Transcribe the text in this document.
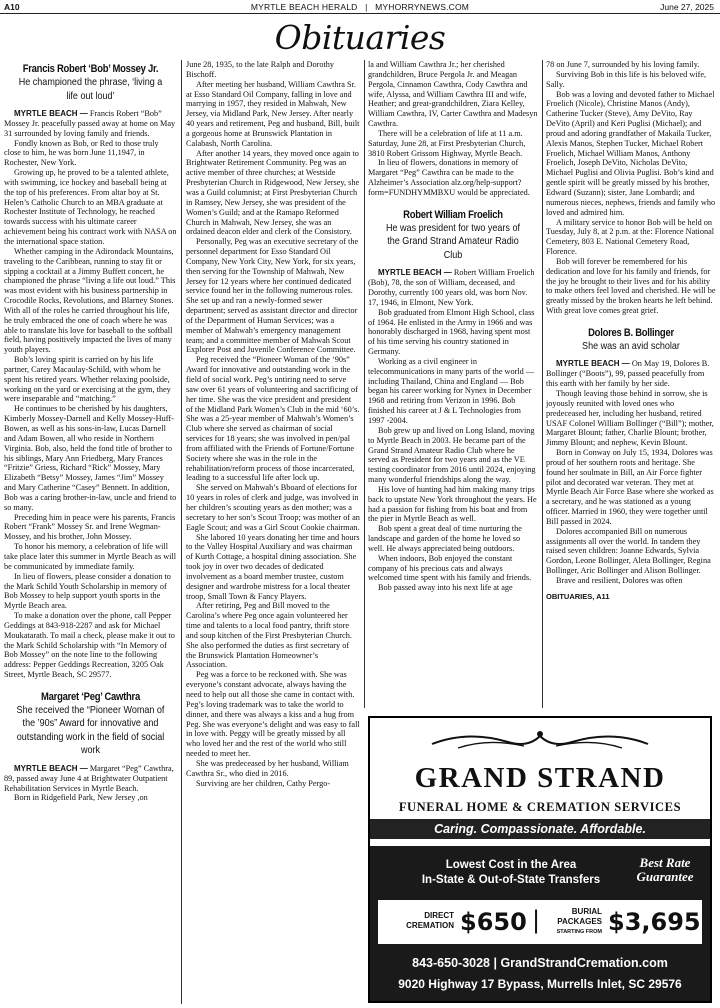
A10	MYRTLE BEACH HERALD | MYHORRYNEWS.COM	June 27, 2025
Obituaries
Francis Robert ‘Bob’ Mossey Jr.
He championed the phrase, ‘living a life out loud’

MYRTLE BEACH — Francis Robert “Bob” Mossey Jr. peacefully passed away at home on May 31 surrounded by loving family and friends.

Fondly known as Bob, or Red to those truly close to him, he was born June 11,1947, in Rochester, New York.

Growing up, he proved to be a talented athlete, with swimming, ice hockey and baseball being at the top of his preferences. From altar boy at St. Helen’s Catholic Church to an MBA graduate at Rochester Institute of Technology, he reached towards success with his ultimate career achievement being his contract work with NASA on the international space station.

Whether camping in the Adirondack Mountains, traveling to the Caribbean, running to stay fit or sipping a cocktail at a Jimmy Buffett concert, he championed the phrase “living a life out loud.” This was most evident with his business partnership in Crocodile Rocks, Revolutions, and Blarney Stones. With all of the roles he carried throughout his life, he truly embraced the one of coach where he was able to translate his love for baseball to the softball field, having positively impacted the lives of many youth players.

Bob’s loving spirit is carried on by his life partner, Carey Macaulay-Schild, with whom he spent his retired years. Whether relaxing poolside, working on the yard or exercising at the gym, they were inseparable and “matching.”

He continues to be cherished by his daughters, Kimberly Mossey-Darnell and Kelly Mossey-Huff-Bowen, as well as his sons-in-law, Lucas Darnell and Adam Bowen, all who reside in Northern Virginia. Bob, also, held the fond title of brother to his siblings, Mary Ann Friedberg, Mary Frances “Fritzie” Griess, Richard “Rick” Mossey, Mary Elizabeth “Betsy” Mossey, James “Jim” Mossey and Mary Catherine “Casey” Bennett. In addition, Bob was a caring brother-in-law, uncle and friend to so many.

Preceding him in peace were his parents, Francis Robert “Frank” Mossey Sr. and Irene Wegman-Mossey, and his brother, John Mossey.

To honor his memory, a celebration of life will take place later this summer in Myrtle Beach as will be communicated by immediate family.

In lieu of flowers, please consider a donation to the Mark Schild Youth Scholarship in memory of Bob Mossey to help support youth sports in the Myrtle Beach area.

To make a donation over the phone, call Pepper Geddings at 843-918-2287 and ask for Michael Moukatarath. To mail a check, please make it out to the Mark Schild Scholarship with “In Memory of Bob Mossey” on the note line to the following address: Pepper Geddings Recreation, 3205 Oak Street, Myrtle Beach, SC 29577.

Margaret ‘Peg’ Cawthra
She received the “Pioneer Woman of the ’90s” Award for innovative and outstanding work in the field of social work

MYRTLE BEACH — Margaret “Peg” Cawthra, 89, passed away June 4 at Brightwater Outpatient Rehabilitation Services in Myrtle Beach.

Born in Ridgefield Park, New Jersey ,on

June 28, 1935, to the late Ralph and Dorothy Bischoff.

After meeting her husband, William Cawthra Sr. at Esso Standard Oil Company, falling in love and marrying in 1957, they resided in Mahwah, New Jersey, via Midland Park, New Jersey. After nearly 40 years and retirement, Peg and husband, Bill, built a gorgeous home at Brunswick Plantation in Calabash, North Carolina.

After another 14 years, they moved once again to Brightwater Retirement Community. Peg was an active member of three churches; at Westside Presbyterian Church in Ridgewood, New Jersey, she was a Guild columnist; at First Presbyterian Church in Ramsey, New Jersey, she was president of the Women’s Guild; and at the Ramapo Reformed Church in Mahwah, New Jersey, she was an ordained deacon elder and clerk of the Consistory.

Personally, Peg was an executive secretary of the personnel department for Esso Standard Oil Company, New York City, New York, for six years, then serving for the Township of Mahwah, New Jersey for 12 years where her continued dedicated service found her in the following numerous roles. She set up and ran a newly-formed sewer department; served as assistant director and director of the Department of Human Services; was a member of Mahwah’s emergency management team; and a committee member of Mahwah Scout Explorer Post and Juvenile Conference Committee.

Peg received the “Pioneer Woman of the ‘90s” Award for innovative and outstanding work in the field of social work. Peg’s untiring need to serve saw over 61 years of volunteering and sacrificing of her time. She was the vice president and president of the Midland Park Women’s Club in the mid ‘60’s. She was a 25-year member of Mahwah’s Women’s Club where she served as chairman of social services for 18 years; she was involved in pen/pal from affiliated with the Friends of Fortune/Fortune Society where she was in the role in the rehabilitation/reform process of those incarcerated, leading to a successful life after lock up.

She served on Mahwah’s Bboard of elections for 10 years in roles of clerk and judge, was involved in her children’s scouting years as den mother; was a secretary to her son’s Scout Troop; was mother of an Eagle Scout; and was a Girl Scout Cookie chairman.

She labored 10 years donating her time and hours to the Valley Hospital Auxiliary and was chairman of Kurth Cottage, a hospital dining association. She took joy in over two decades of dedicated involvement as a board member trustee, custom designer and wardrobe mistress for a local theater troop, Small Town & Fancy Players.

After retiring, Peg and Bill moved to the Carolina’s where Peg once again volunteered her time and talents to a local food pantry, thrift store and soup kitchen of the First Presbyterian Church. She also performed the duties as first secretary of the Brunswick Plantation Homeowner’s Association.

Peg was a force to be reckoned with. She was everyone’s constant advocate, always having the need to help out all those she came in contact with. Peg’s loving trademark was to take the world to dinner, and there was always a kiss and a hug from Peg. She was everyone’s delight and was easy to fall in love with. Peggy will be greatly missed by all who loved her and the rest of the world who still needed to meet her.

She was predeceased by her husband, William Cawthra Sr., who died in 2016.

Surviving are her children, Cathy Pergo-

la and William Cawthra Jr.; her cherished grandchildren, Bruce Pergola Jr. and Meagan Pergola, Cinnamon Cawthra, Cody Cawthra and wife, Alyssa, and William Cawthra III and wife, Heather; and great-grandchildren, Ziara Kelley, William Cawthra, IV, Carter Cawthra and Madesyn Cawthra.

There will be a celebration of life at 11 a.m. Saturday, June 28, at First Presbyterian Church, 3810 Robert Grissom Highway, Myrtle Beach.

In lieu of flowers, donations in memory of Margaret “Peg” Cawthra can be made to the Alzheimer’s Association alz.org/help-support?form=FUNDHYMMBXU would be appreciated.

Robert William Froelich
He was president for two years of the Grand Strand Amateur Radio Club

MYRTLE BEACH — Robert William Froelich (Bob), 78, the son of William, deceased, and Dorothy, currently 100 years old, was born Nov. 17, 1946, in Elmont, New York.

Bob graduated from Elmont High School, class of 1964. He enlisted in the Army in 1966 and was honorably discharged in 1968, having spent most of his time serving his country stationed in Germany.

Working as a civil engineer in telecommunications in many parts of the world — including Thailand, China and England — Bob began his career working for Nynex in December 1968 and retiring from Verizon in 1996. Bob finished his career at J & L Technologies from 1997 -2004.

Bob grew up and lived on Long Island, moving to Myrtle Beach in 2003. He became part of the Grand Strand Amateur Radio Club where he served as President for two years and as the VE testing coordinator from 2016 until 2024, enjoying many wonderful friendships along the way.

His love of hunting had him making many trips back to upstate New York throughout the years. He had a passion for fishing from his boat and from the pier in Myrtle Beach as well.

Bob spent a great deal of time nurturing the landscape and garden of the home he loved so well. He always appreciated being outdoors.

When indoors, Bob enjoyed the constant company of his precious cats and always welcomed time spent with his family and friends.

Bob passed away into his next life at age

78 on June 7, surrounded by his loving family.

Surviving Bob in this life is his beloved wife, Sally.

Bob was a loving and devoted father to Michael Froelich (Nicole), Christine Manos (Andy), Catherine Tucker (Steve), Amy DeVito, Ray DeVito (April) and Keri Puglisi (Michael); and proud and adoring grandfather of Makaila Tucker, Alexis Manos, Stephen Tucker, Michael Robert Froelich, Michael William Manos, Anthony Froelich, Joseph DeVito, Nicholas DeVito, Michael Puglisi and Olivia Puglisi. Bob’s kind and gentle spirit will be greatly missed by his brother, Edward (Suzann); sister, Jane Lombardi; and numerous nieces, nephews, friends and family who loved and admired him.

A military service to honor Bob will be held on Tuesday, July 8, at 2 p.m. at the: Florence National Cemetery, 803 E. National Cemetery Road, Florence.

Bob will forever be remembered for his dedication and love for his family and friends, for the joy he brought to their lives and for his ability to make others feel loved and cherished. He will be greatly missed by the broken hearts he left behind. With great love comes great grief.

Dolores B. Bollinger
She was an avid scholar

MYRTLE BEACH — On May 19, Dolores B. Bollinger (“Boots”), 99, passed peacefully from this earth with her family by her side.

Though leaving those behind in sorrow, she is joyously reunited with loved ones who predeceased her, including her husband, retired USAF Colonel William Bollinger (“Bill”); mother, Margaret Blount; father, Charlie Blount; brother, Jimmy Blount; and nephew, Kevin Blount.

Born in Conway on July 15, 1934, Dolores was proud of her southern roots and heritage. She found her soulmate in Bill, an Air Force fighter pilot and decorated war veteran. They met at Myrtle Beach Air Force Base where she worked as a secretary, and he was stationed as a young officer. Married in 1960, they were together until Bill passed in 2024.

Dolores accompanied Bill on numerous assignments all over the world. In tandem they raised seven children: Joanne Edwards, Sylvia Gordon, Leone Bollinger, Aleta Bollinger, Regina Bollinger, Aric Bollinger and Alison Bollinger.

Brave and resilient, Dolores was often

OBITUARIES, A11

GRAND STRAND
FUNERAL HOME & CREMATION SERVICES
Caring. Compassionate. Affordable.
Lowest Cost in the Area
In-State & Out-of-State Transfers
Best Rate
Guarantee
DIRECT
CREMATION $650 |	BURIAL
PACKAGES
STARTING FROM $3,695
843-650-3028 | GrandStrandCremation.com
9020 Highway 17 Bypass, Murrells Inlet, SC 29576
